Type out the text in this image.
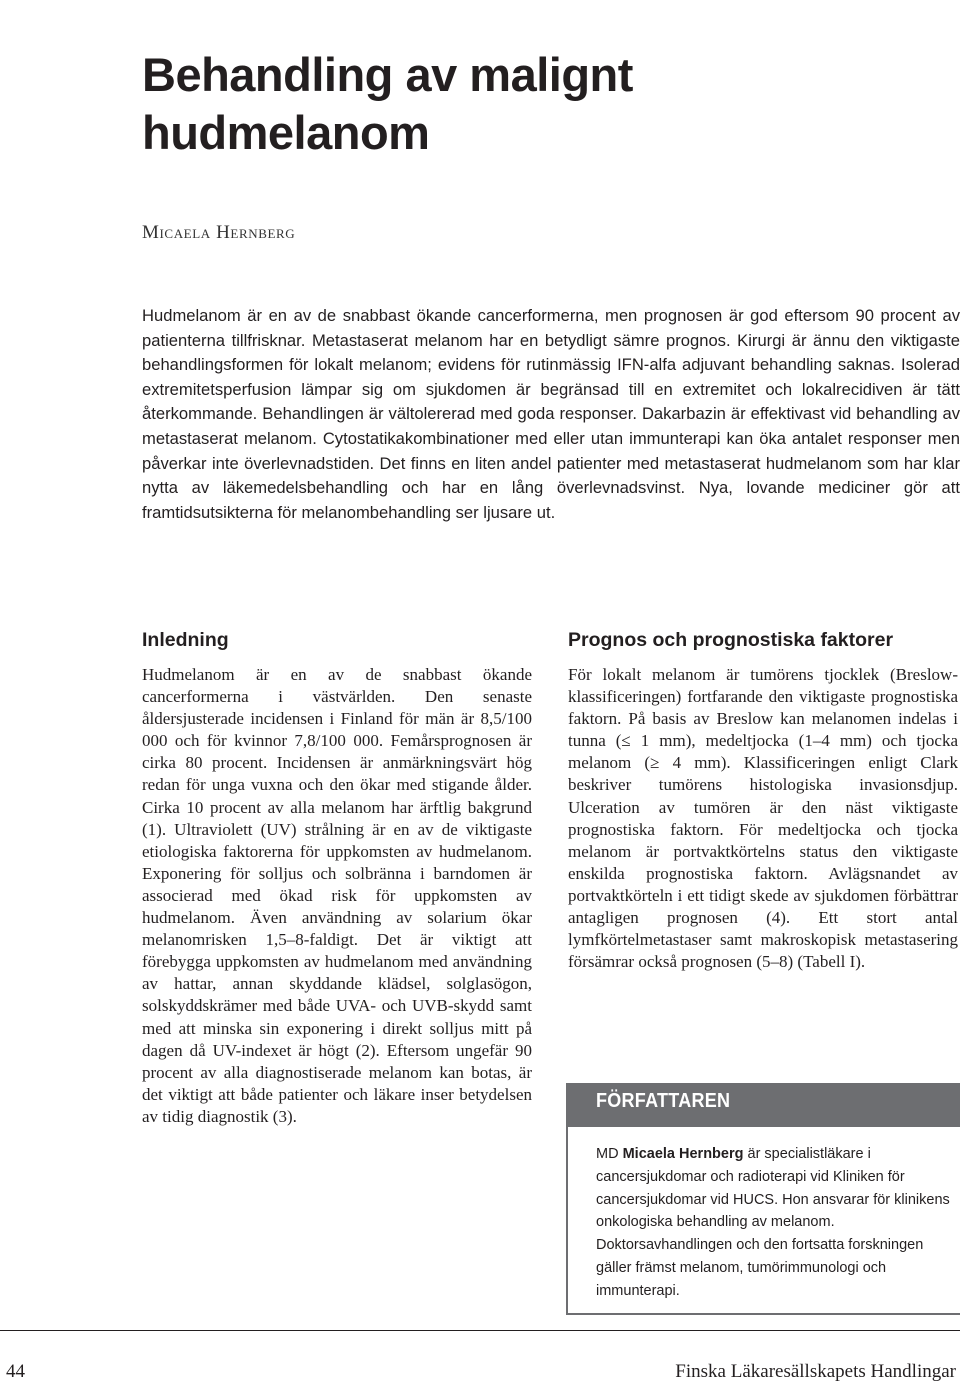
Behandling av malignt hudmelanom
Micaela Hernberg

Hudmelanom är en av de snabbast ökande cancerformerna, men prognosen är god eftersom 90 procent av patienterna tillfrisknar. Metastaserat melanom har en betydligt sämre prognos. Kirurgi är ännu den viktigaste behandlingsformen för lokalt melanom; evidens för rutinmässig IFN-alfa adjuvant behandling saknas. Isolerad extremitetsperfusion lämpar sig om sjukdomen är begränsad till en extremitet och lokalrecidiven är tätt återkommande. Behandlingen är vältolererad med goda responser. Dakarbazin är effektivast vid behandling av metastaserat melanom. Cytostatikakombinationer med eller utan immunterapi kan öka antalet responser men påverkar inte överlevnadstiden. Det finns en liten andel patienter med metastaserat hudmelanom som har klar nytta av läkemedelsbehandling och har en lång överlevnadsvinst. Nya, lovande mediciner gör att framtidsutsikterna för melanombehandling ser ljusare ut.

Inledning

Hudmelanom är en av de snabbast ökande cancerformerna i västvärlden. Den senaste åldersjusterade incidensen i Finland för män är 8,5/100 000 och för kvinnor 7,8/100 000. Femårsprognosen är cirka 80 procent. Incidensen är anmärkningsvärt hög redan för unga vuxna och den ökar med stigande ålder. Cirka 10 procent av alla melanom har ärftlig bakgrund (1). Ultraviolett (UV) strålning är en av de viktigaste etiologiska faktorerna för uppkomsten av hudmelanom. Exponering för solljus och solbränna i barndomen är associerad med ökad risk för uppkomsten av hudmelanom. Även användning av solarium ökar melanomrisken 1,5–8-faldigt. Det är viktigt att förebygga uppkomsten av hudmelanom med användning av hattar, annan skyddande klädsel, solglasögon, solskyddskrämer med både UVA- och UVB-skydd samt med att minska sin exponering i direkt solljus mitt på dagen då UV-indexet är högt (2). Eftersom ungefär 90 procent av alla diagnostiserade melanom kan botas, är det viktigt att både patienter och läkare inser betydelsen av tidig diagnostik (3).

Prognos och prognostiska faktorer

För lokalt melanom är tumörens tjocklek (Breslow-klassificeringen) fortfarande den viktigaste prognostiska faktorn. På basis av Breslow kan melanomen indelas i tunna (≤ 1 mm), medeltjocka (1–4 mm) och tjocka melanom (≥ 4 mm). Klassificeringen enligt Clark beskriver tumörens histologiska invasionsdjup. Ulceration av tumören är den näst viktigaste prognostiska faktorn. För medeltjocka och tjocka melanom är portvaktkörtelns status den viktigaste enskilda prognostiska faktorn. Avlägsnandet av portvaktkörteln i ett tidigt skede av sjukdomen förbättrar antagligen prognosen (4). Ett stort antal lymfkörtelmetastaser samt makroskopisk metastasering försämrar också prognosen (5–8) (Tabell I).

FÖRFATTAREN

MD Micaela Hernberg är specialistläkare i cancersjukdomar och radioterapi vid Kliniken för cancersjukdomar vid HUCS. Hon ansvarar för klinikens onkologiska behandling av melanom. Doktorsavhandlingen och den fortsatta forskningen gäller främst melanom, tumörimmunologi och immunterapi.

44	Finska Läkaresällskapets Handlingar
